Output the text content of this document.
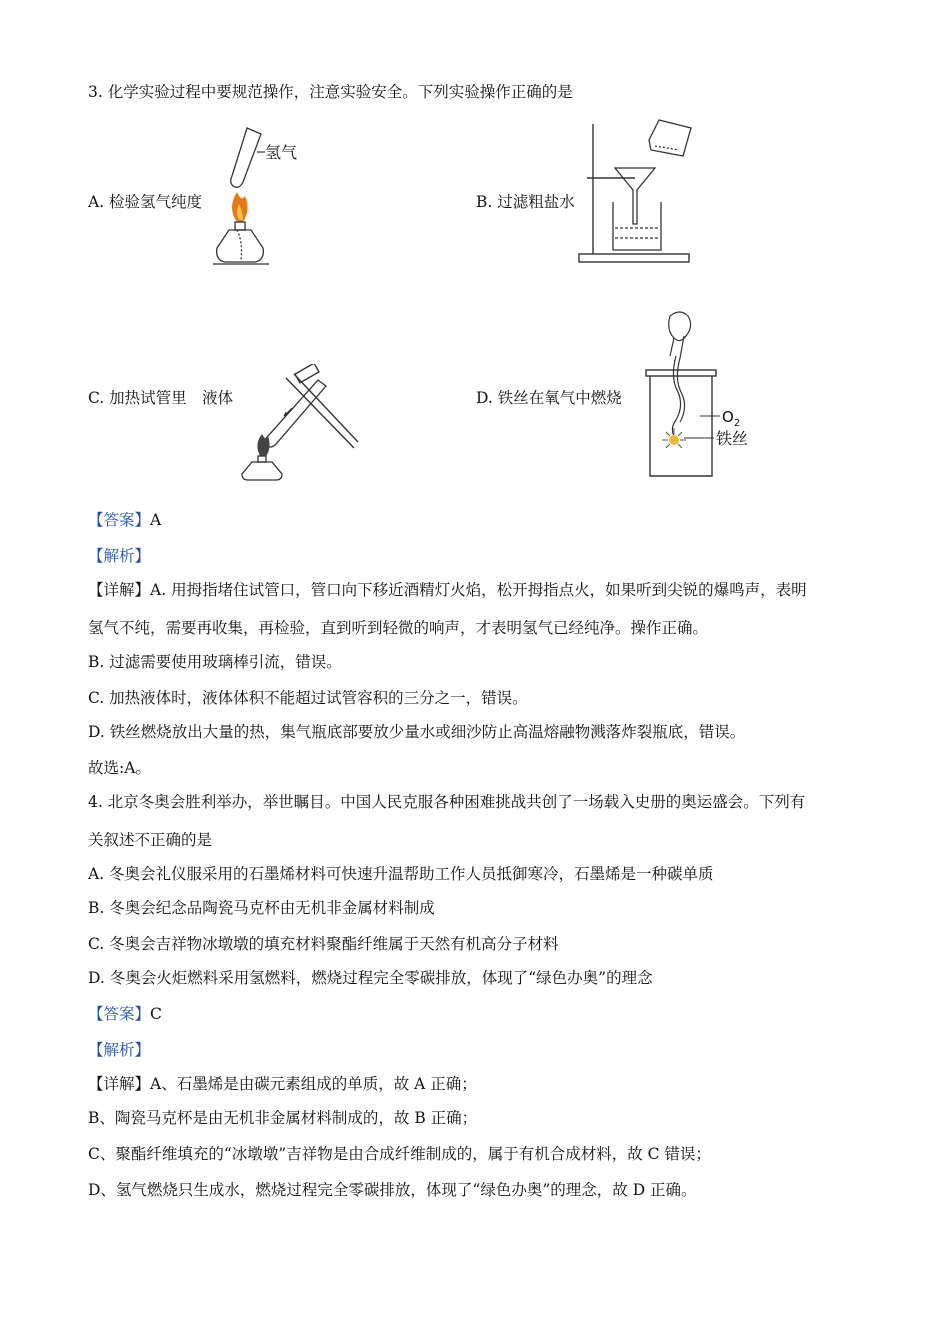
3. 化学实验过程中要规范操作，注意实验安全。下列实验操作正确的是
A. 检验氢气纯度	B. 过滤粗盐水
C. 加热试管里　液体	D. 铁丝在氧气中燃烧
氢气
$O_2$
铁丝
【答案】A
【解析】
【详解】A. 用拇指堵住试管口，管口向下移近酒精灯火焰，松开拇指点火，如果听到尖锐的爆鸣声，表明
氢气不纯，需要再收集，再检验，直到听到轻微的响声，才表明氢气已经纯净。操作正确。
B. 过滤需要使用玻璃棒引流，错误。
C. 加热液体时，液体体积不能超过试管容积的三分之一，错误。
D. 铁丝燃烧放出大量的热，集气瓶底部要放少量水或细沙防止高温熔融物溅落炸裂瓶底，错误。
故选:A。
4. 北京冬奥会胜利举办，举世瞩目。中国人民克服各种困难挑战共创了一场载入史册的奥运盛会。下列有
关叙述不正确的是
A. 冬奥会礼仪服采用的石墨烯材料可快速升温帮助工作人员抵御寒冷，石墨烯是一种碳单质
B. 冬奥会纪念品陶瓷马克杯由无机非金属材料制成
C. 冬奥会吉祥物冰墩墩的填充材料聚酯纤维属于天然有机高分子材料
D. 冬奥会火炬燃料采用氢燃料，燃烧过程完全零碳排放，体现了“绿色办奥”的理念
【答案】C
【解析】
【详解】A、石墨烯是由碳元素组成的单质，故 A 正确；
B、陶瓷马克杯是由无机非金属材料制成的，故 B 正确；
C、聚酯纤维填充的“冰墩墩”吉祥物是由合成纤维制成的，属于有机合成材料，故 C 错误；
D、氢气燃烧只生成水，燃烧过程完全零碳排放，体现了“绿色办奥”的理念，故 D 正确。
